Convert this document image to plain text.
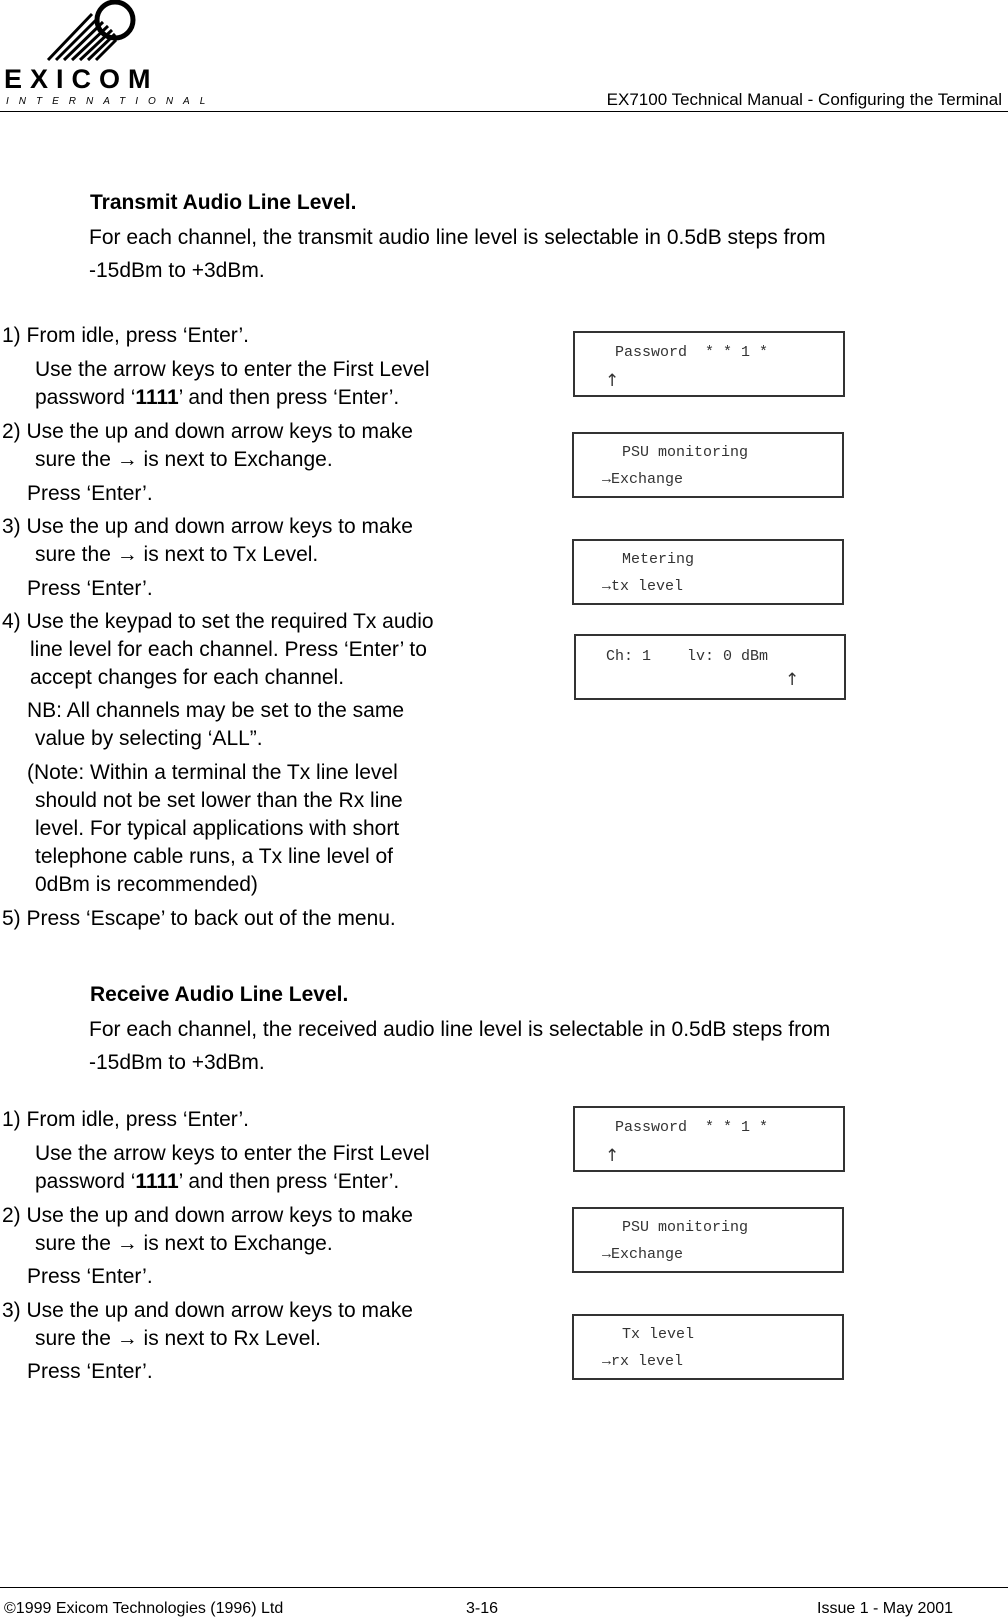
EXICOM
INTERNATIONAL	EX7100 Technical Manual - Configuring the Terminal
Transmit Audio Line Level.
For each channel, the transmit audio line level is selectable in 0.5dB steps from
-15dBm to +3dBm.
1) From idle, press ‘Enter’.
Use the arrow keys to enter the First Level
password ‘1111’ and then press ‘Enter’.
2) Use the up and down arrow keys to make
sure the → is next to Exchange.
Press ‘Enter’.
3) Use the up and down arrow keys to make
sure the → is next to Tx Level.
Press ‘Enter’.
4) Use the keypad to set the required Tx audio
line level for each channel. Press ‘Enter’ to
accept changes for each channel.
NB: All channels may be set to the same
value by selecting ‘ALL”.
(Note: Within a terminal the Tx line level
should not be set lower than the Rx line
level. For typical applications with short
telephone cable runs, a Tx line level of
0dBm is recommended)
5) Press ‘Escape’ to back out of the menu.
Password  * * 1 *
↑
PSU monitoring
→Exchange
Metering
→tx level
Ch: 1    lv: 0 dBm
↑
Receive Audio Line Level.
For each channel, the received audio line level is selectable in 0.5dB steps from
-15dBm to +3dBm.
1) From idle, press ‘Enter’.
Use the arrow keys to enter the First Level
password ‘1111’ and then press ‘Enter’.
2) Use the up and down arrow keys to make
sure the → is next to Exchange.
Press ‘Enter’.
3) Use the up and down arrow keys to make
sure the → is next to Rx Level.
Press ‘Enter’.
Password  * * 1 *
↑
PSU monitoring
→Exchange
Tx level
→rx level
©1999 Exicom Technologies (1996) Ltd	3-16	Issue 1 - May 2001
